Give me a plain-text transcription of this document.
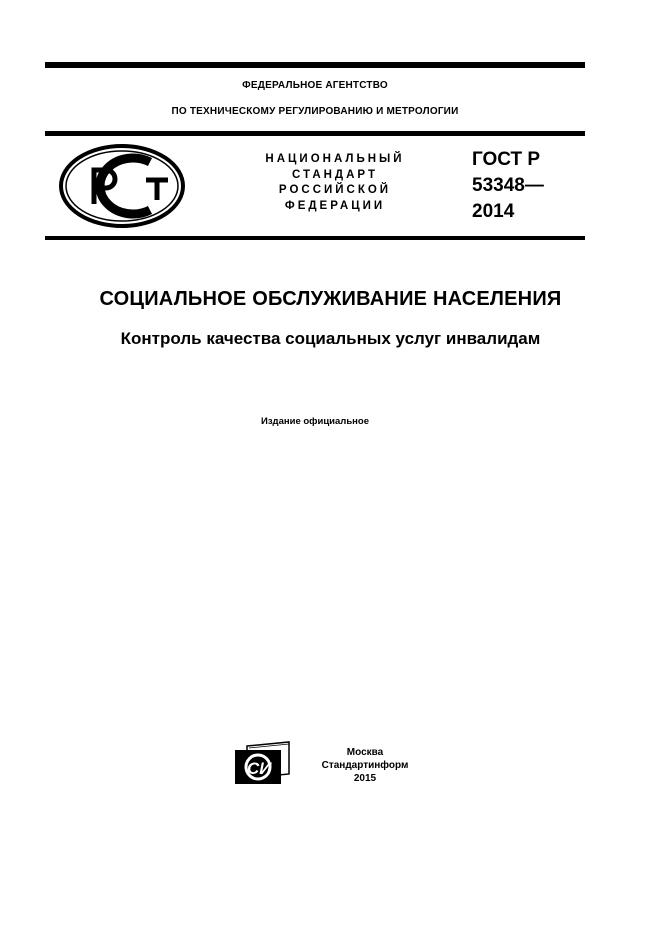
ФЕДЕРАЛЬНОЕ АГЕНТСТВО
ПО ТЕХНИЧЕСКОМУ РЕГУЛИРОВАНИЮ И МЕТРОЛОГИИ
НАЦИОНАЛЬНЫЙ
СТАНДАРТ
РОССИЙСКОЙ
ФЕДЕРАЦИИ
ГОСТ Р
53348—
2014
СОЦИАЛЬНОЕ ОБСЛУЖИВАНИЕ НАСЕЛЕНИЯ
Контроль качества социальных услуг инвалидам
Издание официальное
СИ
Москва
Стандартинформ
2015
